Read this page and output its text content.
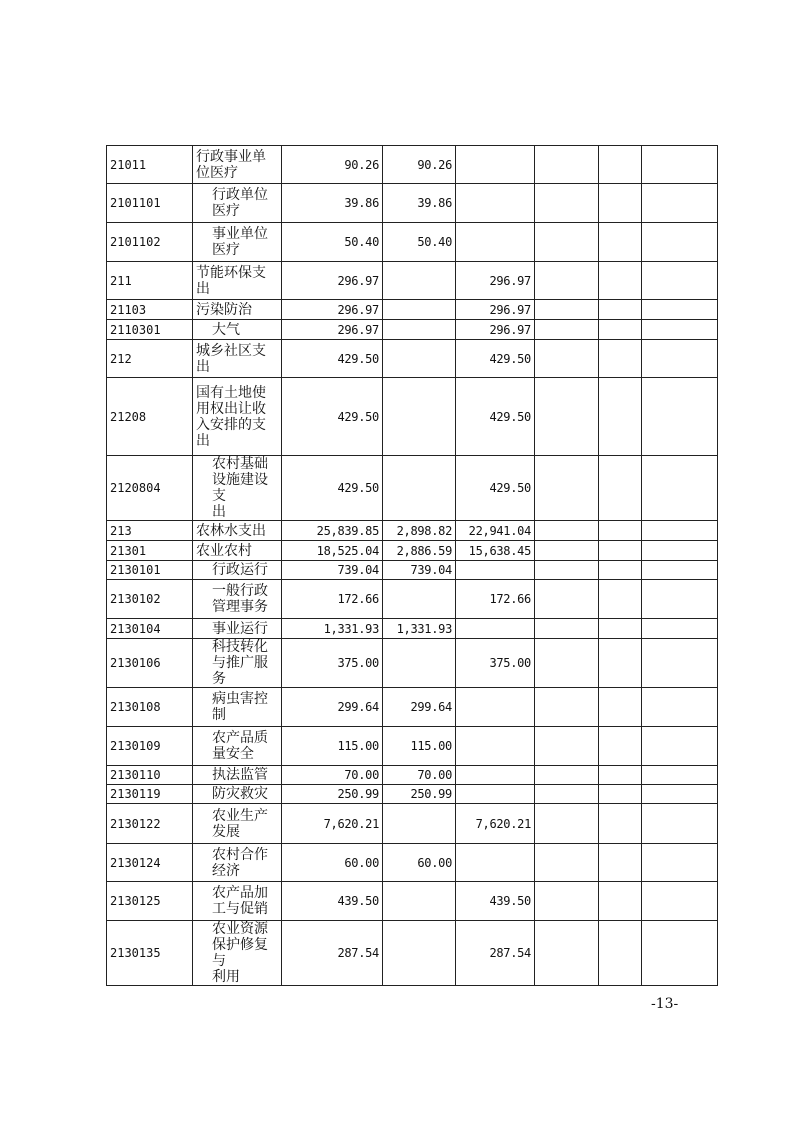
21011	行政事业单
位医疗	90.26	90.26				
2101101	行政单位
医疗	39.86	39.86				
2101102	事业单位
医疗	50.40	50.40				
211	节能环保支
出	296.97		296.97			
21103	污染防治	296.97		296.97			
2110301	大气	296.97		296.97			
212	城乡社区支
出	429.50		429.50			
21208	国有土地使
用权出让收
入安排的支
出	429.50		429.50			
2120804	农村基础
设施建设支
出	429.50		429.50			
213	农林水支出	25,839.85	2,898.82	22,941.04			
21301	农业农村	18,525.04	2,886.59	15,638.45			
2130101	行政运行	739.04	739.04				
2130102	一般行政
管理事务	172.66		172.66			
2130104	事业运行	1,331.93	1,331.93				
2130106	科技转化
与推广服务	375.00		375.00			
2130108	病虫害控
制	299.64	299.64				
2130109	农产品质
量安全	115.00	115.00				
2130110	执法监管	70.00	70.00				
2130119	防灾救灾	250.99	250.99				
2130122	农业生产
发展	7,620.21		7,620.21			
2130124	农村合作
经济	60.00	60.00				
2130125	农产品加
工与促销	439.50		439.50			
2130135	农业资源
保护修复与
利用	287.54		287.54			
-13-
